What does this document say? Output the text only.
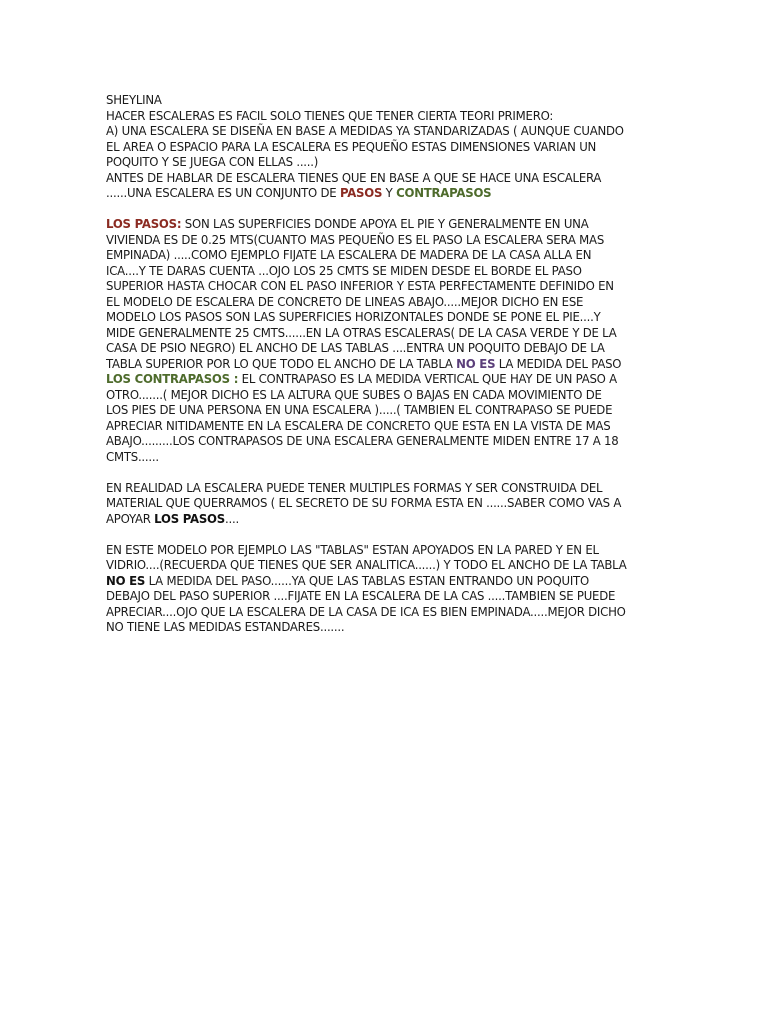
SHEYLINA

HACER ESCALERAS ES FACIL SOLO TIENES QUE TENER CIERTA TEORI PRIMERO:

A) UNA ESCALERA SE DISEÑA EN BASE A MEDIDAS YA STANDARIZADAS ( AUNQUE CUANDO EL AREA O ESPACIO PARA LA ESCALERA ES PEQUEÑO ESTAS DIMENSIONES VARIAN UN POQUITO Y SE JUEGA CON ELLAS .....)

ANTES DE HABLAR DE ESCALERA TIENES QUE EN BASE A QUE SE HACE UNA ESCALERA ......UNA ESCALERA ES UN CONJUNTO DE PASOS Y CONTRAPASOS

LOS PASOS: SON LAS SUPERFICIES DONDE APOYA EL PIE Y GENERALMENTE EN UNA VIVIENDA ES DE 0.25 MTS(CUANTO MAS PEQUEÑO ES EL PASO LA ESCALERA SERA MAS EMPINADA) .....COMO EJEMPLO FIJATE LA ESCALERA DE MADERA DE LA CASA ALLA EN ICA....Y TE DARAS CUENTA ...OJO LOS 25 CMTS SE MIDEN DESDE EL BORDE EL PASO SUPERIOR HASTA CHOCAR CON EL PASO INFERIOR Y ESTA PERFECTAMENTE DEFINIDO EN EL MODELO DE ESCALERA DE CONCRETO DE LINEAS ABAJO.....MEJOR DICHO EN ESE MODELO LOS PASOS SON LAS SUPERFICIES HORIZONTALES DONDE SE PONE EL PIE....Y MIDE GENERALMENTE 25 CMTS......EN LA OTRAS ESCALERAS( DE LA CASA VERDE Y DE LA CASA DE PSIO NEGRO) EL ANCHO DE LAS TABLAS ....ENTRA UN POQUITO DEBAJO DE LA TABLA SUPERIOR POR LO QUE TODO EL ANCHO DE LA TABLA NO ES LA MEDIDA DEL PASO

LOS CONTRAPASOS : EL CONTRAPASO ES LA MEDIDA VERTICAL QUE HAY DE UN PASO A OTRO.......( MEJOR DICHO ES LA ALTURA QUE SUBES O BAJAS EN CADA MOVIMIENTO DE LOS PIES DE UNA PERSONA EN UNA ESCALERA ).....( TAMBIEN EL CONTRAPASO SE PUEDE APRECIAR NITIDAMENTE EN LA ESCALERA DE CONCRETO QUE ESTA EN LA VISTA DE MAS ABAJO.........LOS CONTRAPASOS DE UNA ESCALERA GENERALMENTE MIDEN ENTRE 17 A 18 CMTS......

EN REALIDAD LA ESCALERA PUEDE TENER MULTIPLES FORMAS Y SER CONSTRUIDA DEL MATERIAL QUE QUERRAMOS ( EL SECRETO DE SU FORMA ESTA EN ......SABER COMO VAS A APOYAR LOS PASOS....

EN ESTE MODELO POR EJEMPLO LAS "TABLAS" ESTAN APOYADOS EN LA PARED Y EN EL VIDRIO....(RECUERDA QUE TIENES QUE SER ANALITICA......) Y TODO EL ANCHO DE LA TABLA NO ES LA MEDIDA DEL PASO......YA QUE LAS TABLAS ESTAN ENTRANDO UN POQUITO DEBAJO DEL PASO SUPERIOR ....FIJATE EN LA ESCALERA DE LA CAS .....TAMBIEN SE PUEDE APRECIAR....OJO QUE LA ESCALERA DE LA CASA DE ICA ES BIEN EMPINADA.....MEJOR DICHO NO TIENE LAS MEDIDAS ESTANDARES.......
